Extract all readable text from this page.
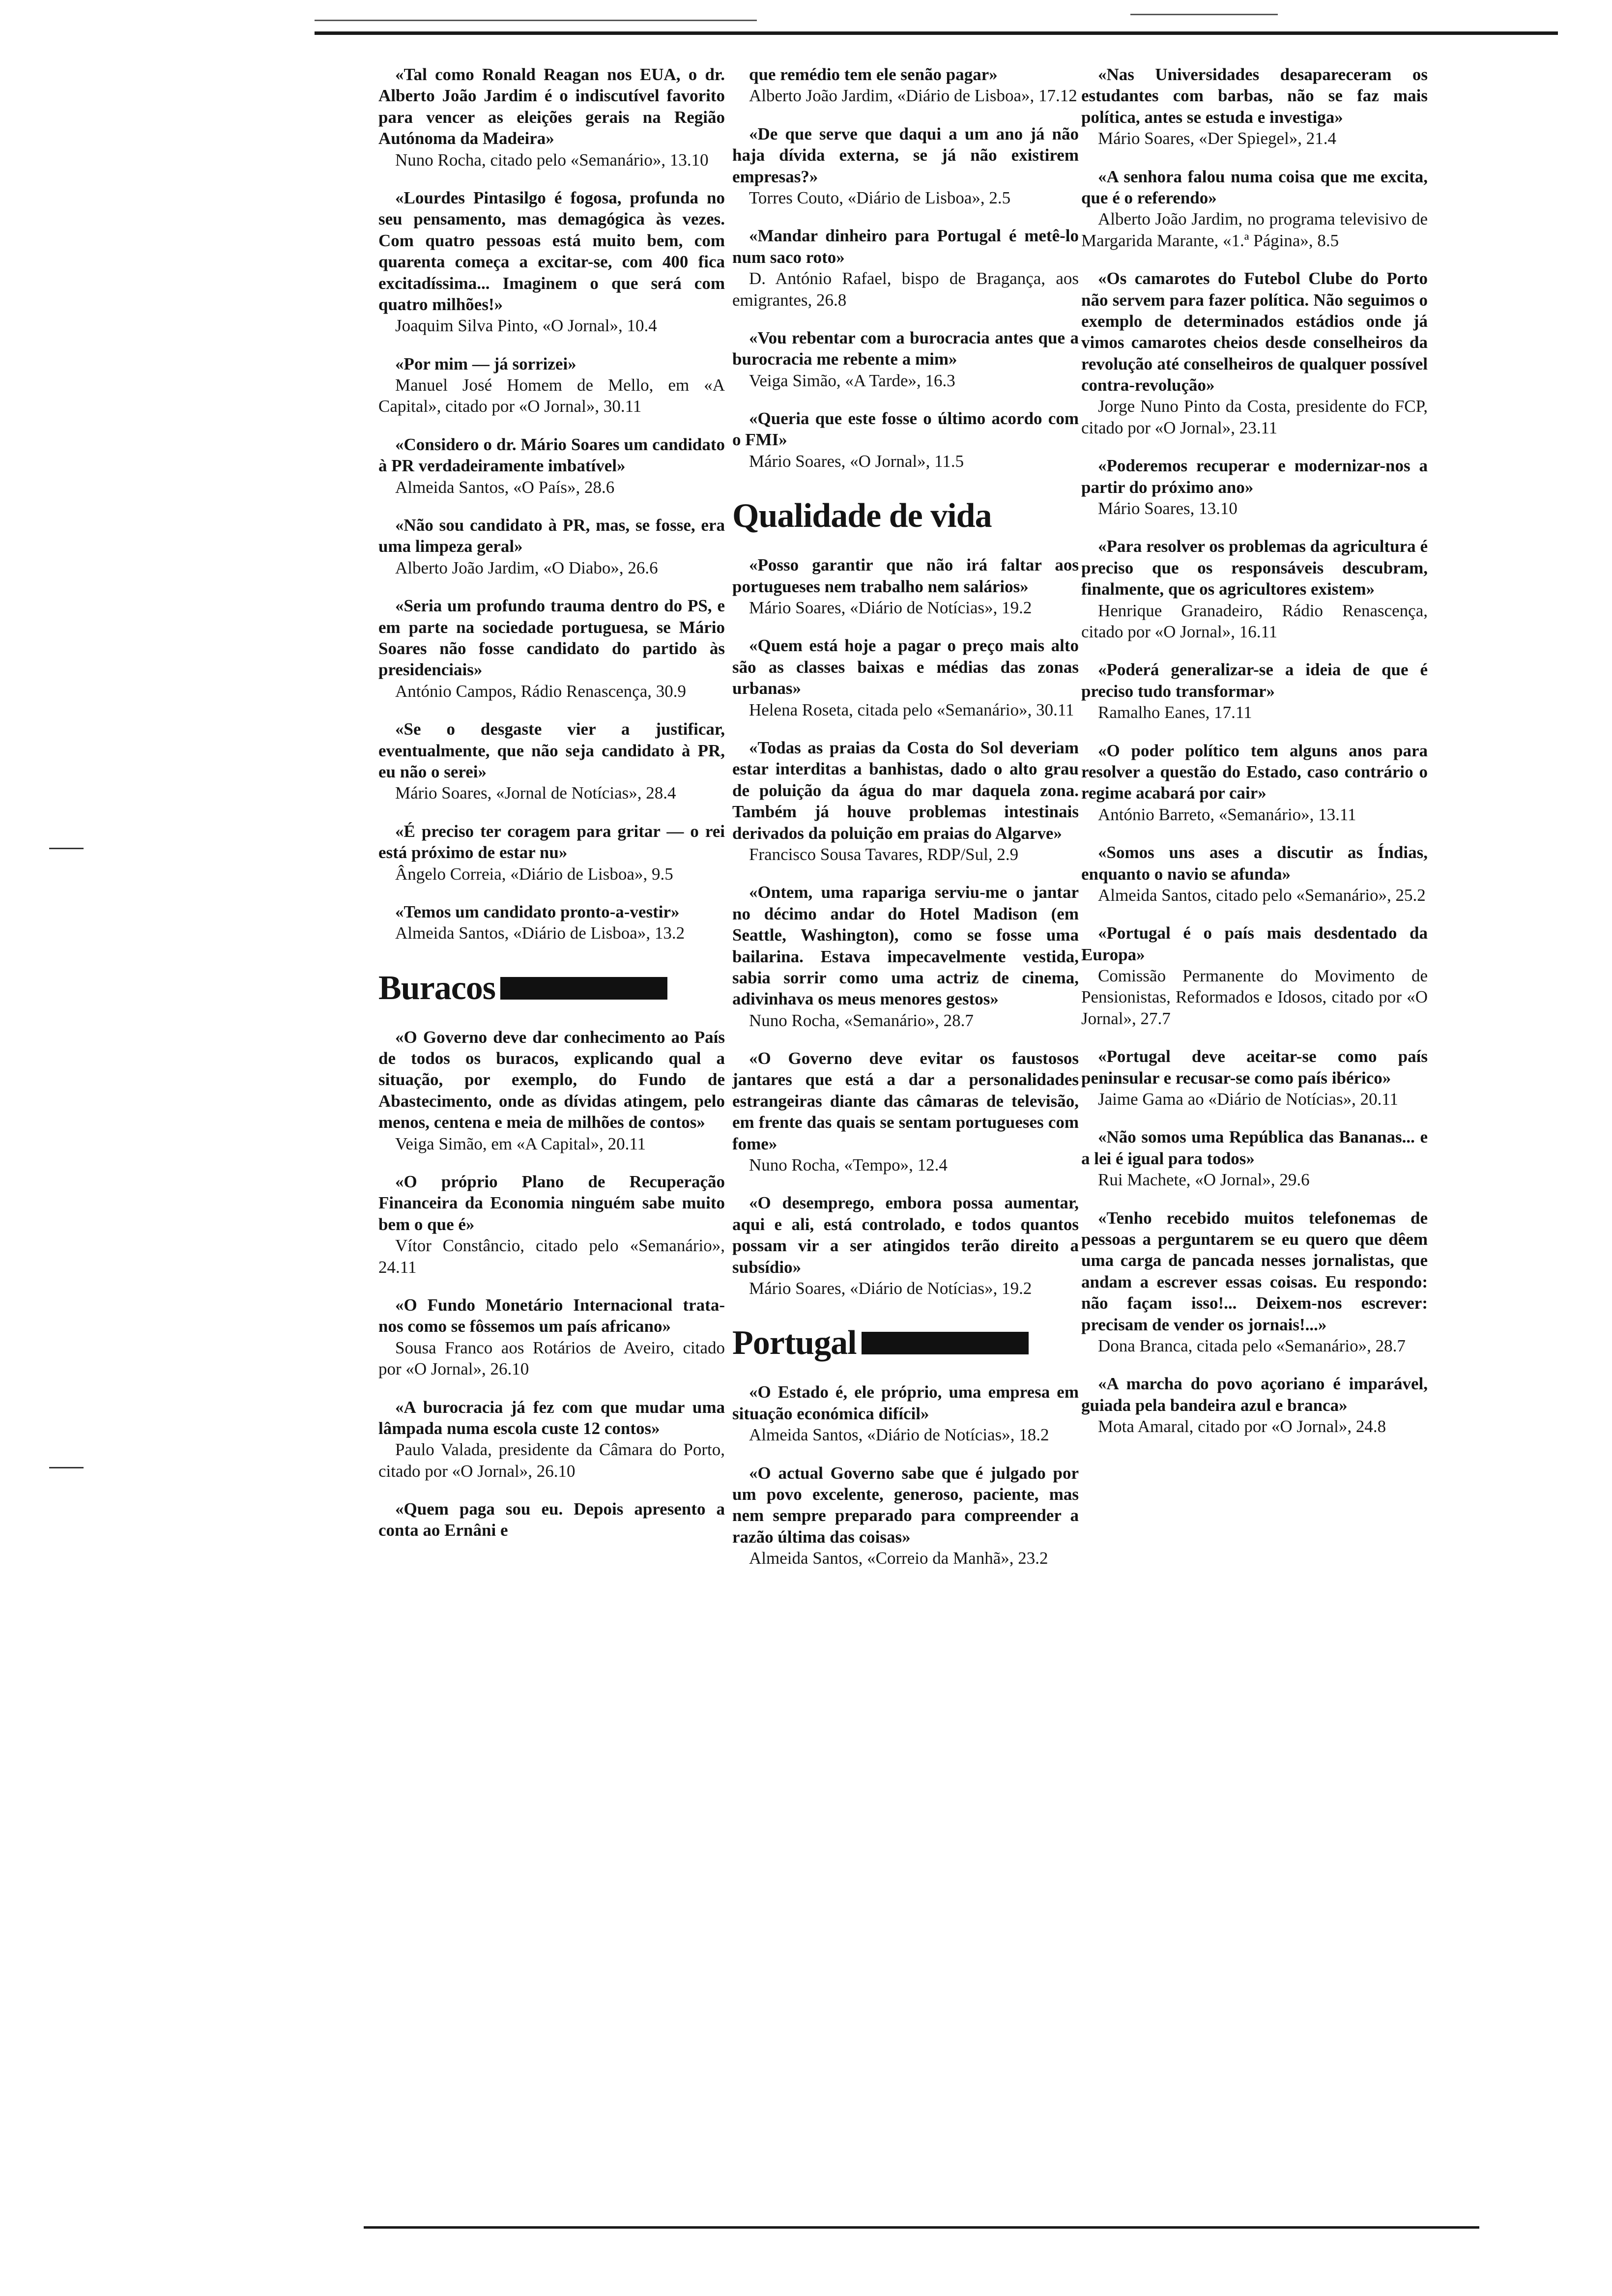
«Tal como Ronald Reagan nos EUA, o dr. Alberto João Jardim é o indiscutível favorito para vencer as eleições gerais na Região Autónoma da Madeira»
Nuno Rocha, citado pelo «Semanário», 13.10
«Lourdes Pintasilgo é fogosa, profunda no seu pensamento, mas demagógica às vezes. Com quatro pessoas está muito bem, com quarenta começa a excitar-se, com 400 fica excitadíssima... Imaginem o que será com quatro milhões!»
Joaquim Silva Pinto, «O Jornal», 10.4
«Por mim — já sorrizei»
Manuel José Homem de Mello, em «A Capital», citado por «O Jornal», 30.11
«Considero o dr. Mário Soares um candidato à PR verdadeiramente imbatível»
Almeida Santos, «O País», 28.6
«Não sou candidato à PR, mas, se fosse, era uma limpeza geral»
Alberto João Jardim, «O Diabo», 26.6
«Seria um profundo trauma dentro do PS, e em parte na sociedade portuguesa, se Mário Soares não fosse candidato do partido às presidenciais»
António Campos, Rádio Renascença, 30.9
«Se o desgaste vier a justificar, eventualmente, que não seja candidato à PR, eu não o serei»
Mário Soares, «Jornal de Notícias», 28.4
«É preciso ter coragem para gritar — o rei está próximo de estar nu»
Ângelo Correia, «Diário de Lisboa», 9.5
«Temos um candidato pronto-a-vestir»
Almeida Santos, «Diário de Lisboa», 13.2
Buracos
«O Governo deve dar conhecimento ao País de todos os buracos, explicando qual a situação, por exemplo, do Fundo de Abastecimento, onde as dívidas atingem, pelo menos, centena e meia de milhões de contos»
Veiga Simão, em «A Capital», 20.11
«O próprio Plano de Recuperação Financeira da Economia ninguém sabe muito bem o que é»
Vítor Constâncio, citado pelo «Semanário», 24.11
«O Fundo Monetário Internacional trata-nos como se fôssemos um país africano»
Sousa Franco aos Rotários de Aveiro, citado por «O Jornal», 26.10
«A burocracia já fez com que mudar uma lâmpada numa escola custe 12 contos»
Paulo Valada, presidente da Câmara do Porto, citado por «O Jornal», 26.10
«Quem paga sou eu. Depois apresento a conta ao Ernâni e
que remédio tem ele senão pagar»
Alberto João Jardim, «Diário de Lisboa», 17.12
«De que serve que daqui a um ano já não haja dívida externa, se já não existirem empresas?»
Torres Couto, «Diário de Lisboa», 2.5
«Mandar dinheiro para Portugal é metê-lo num saco roto»
D. António Rafael, bispo de Bragança, aos emigrantes, 26.8
«Vou rebentar com a burocracia antes que a burocracia me rebente a mim»
Veiga Simão, «A Tarde», 16.3
«Queria que este fosse o último acordo com o FMI»
Mário Soares, «O Jornal», 11.5
Qualidade de vida
«Posso garantir que não irá faltar aos portugueses nem trabalho nem salários»
Mário Soares, «Diário de Notícias», 19.2
«Quem está hoje a pagar o preço mais alto são as classes baixas e médias das zonas urbanas»
Helena Roseta, citada pelo «Semanário», 30.11
«Todas as praias da Costa do Sol deveriam estar interditas a banhistas, dado o alto grau de poluição da água do mar daquela zona. Também já houve problemas intestinais derivados da poluição em praias do Algarve»
Francisco Sousa Tavares, RDP/Sul, 2.9
«Ontem, uma rapariga serviu-me o jantar no décimo andar do Hotel Madison (em Seattle, Washington), como se fosse uma bailarina. Estava impecavelmente vestida, sabia sorrir como uma actriz de cinema, adivinhava os meus menores gestos»
Nuno Rocha, «Semanário», 28.7
«O Governo deve evitar os faustosos jantares que está a dar a personalidades estrangeiras diante das câmaras de televisão, em frente das quais se sentam portugueses com fome»
Nuno Rocha, «Tempo», 12.4
«O desemprego, embora possa aumentar, aqui e ali, está controlado, e todos quantos possam vir a ser atingidos terão direito a subsídio»
Mário Soares, «Diário de Notícias», 19.2
Portugal
«O Estado é, ele próprio, uma empresa em situação económica difícil»
Almeida Santos, «Diário de Notícias», 18.2
«O actual Governo sabe que é julgado por um povo excelente, generoso, paciente, mas nem sempre preparado para compreender a razão última das coisas»
Almeida Santos, «Correio da Manhã», 23.2
«Nas Universidades desapareceram os estudantes com barbas, não se faz mais política, antes se estuda e investiga»
Mário Soares, «Der Spiegel», 21.4
«A senhora falou numa coisa que me excita, que é o referendo»
Alberto João Jardim, no programa televisivo de Margarida Marante, «1.ª Página», 8.5
«Os camarotes do Futebol Clube do Porto não servem para fazer política. Não seguimos o exemplo de determinados estádios onde já vimos camarotes cheios desde conselheiros da revolução até conselheiros de qualquer possível contra-revolução»
Jorge Nuno Pinto da Costa, presidente do FCP, citado por «O Jornal», 23.11
«Poderemos recuperar e modernizar-nos a partir do próximo ano»
Mário Soares, 13.10
«Para resolver os problemas da agricultura é preciso que os responsáveis descubram, finalmente, que os agricultores existem»
Henrique Granadeiro, Rádio Renascença, citado por «O Jornal», 16.11
«Poderá generalizar-se a ideia de que é preciso tudo transformar»
Ramalho Eanes, 17.11
«O poder político tem alguns anos para resolver a questão do Estado, caso contrário o regime acabará por cair»
António Barreto, «Semanário», 13.11
«Somos uns ases a discutir as Índias, enquanto o navio se afunda»
Almeida Santos, citado pelo «Semanário», 25.2
«Portugal é o país mais desdentado da Europa»
Comissão Permanente do Movimento de Pensionistas, Reformados e Idosos, citado por «O Jornal», 27.7
«Portugal deve aceitar-se como país peninsular e recusar-se como país ibérico»
Jaime Gama ao «Diário de Notícias», 20.11
«Não somos uma República das Bananas... e a lei é igual para todos»
Rui Machete, «O Jornal», 29.6
«Tenho recebido muitos telefonemas de pessoas a perguntarem se eu quero que dêem uma carga de pancada nesses jornalistas, que andam a escrever essas coisas. Eu respondo: não façam isso!... Deixem-nos escrever: precisam de vender os jornais!...»
Dona Branca, citada pelo «Semanário», 28.7
«A marcha do povo açoriano é imparável, guiada pela bandeira azul e branca»
Mota Amaral, citado por «O Jornal», 24.8
